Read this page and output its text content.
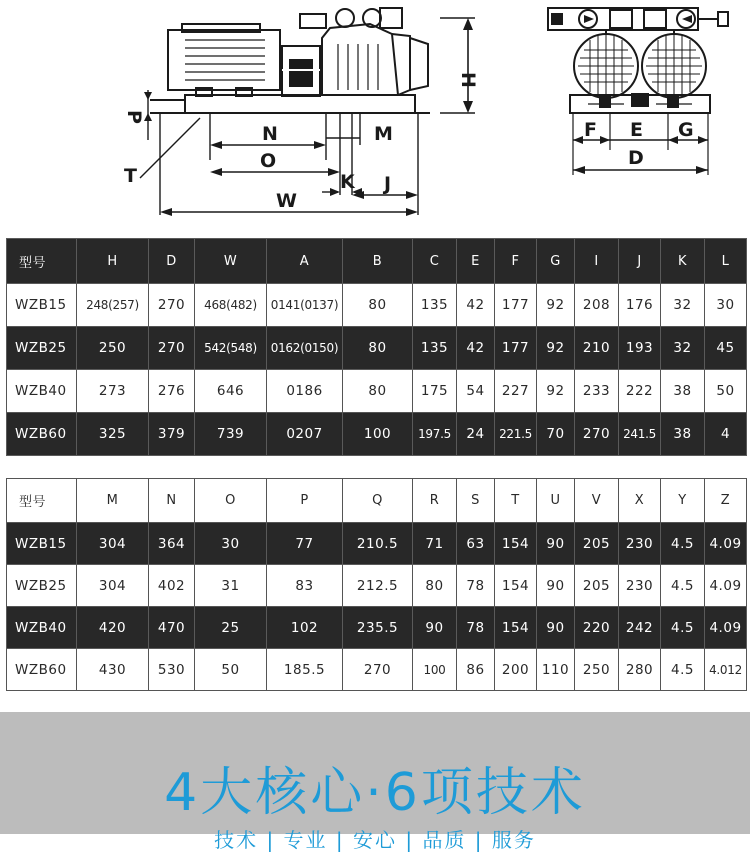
H
P
N	M
O
T	K J
W
F E G
D
型号	H	D	W	A	B	C	E	F	G	I	J	K	L
WZB15	248(257)	270	468(482)	0141(0137)	80	135	42	177	92	208	176	32	30
WZB25	250	270	542(548)	0162(0150)	80	135	42	177	92	210	193	32	45
WZB40	273	276	646	0186	80	175	54	227	92	233	222	38	50
WZB60	325	379	739	0207	100	197.5	24	221.5	70	270	241.5	38	4
型号	M	N	O	P	Q	R	S	T	U	V	X	Y	Z
WZB15	304	364	30	77	210.5	71	63	154	90	205	230	4.5	4.09
WZB25	304	402	31	83	212.5	80	78	154	90	205	230	4.5	4.09
WZB40	420	470	25	102	235.5	90	78	154	90	220	242	4.5	4.09
WZB60	430	530	50	185.5	270	100	86	200	110	250	280	4.5	4.012
4大核心·6项技术
技术 | 专业 | 安心 | 品质 | 服务
